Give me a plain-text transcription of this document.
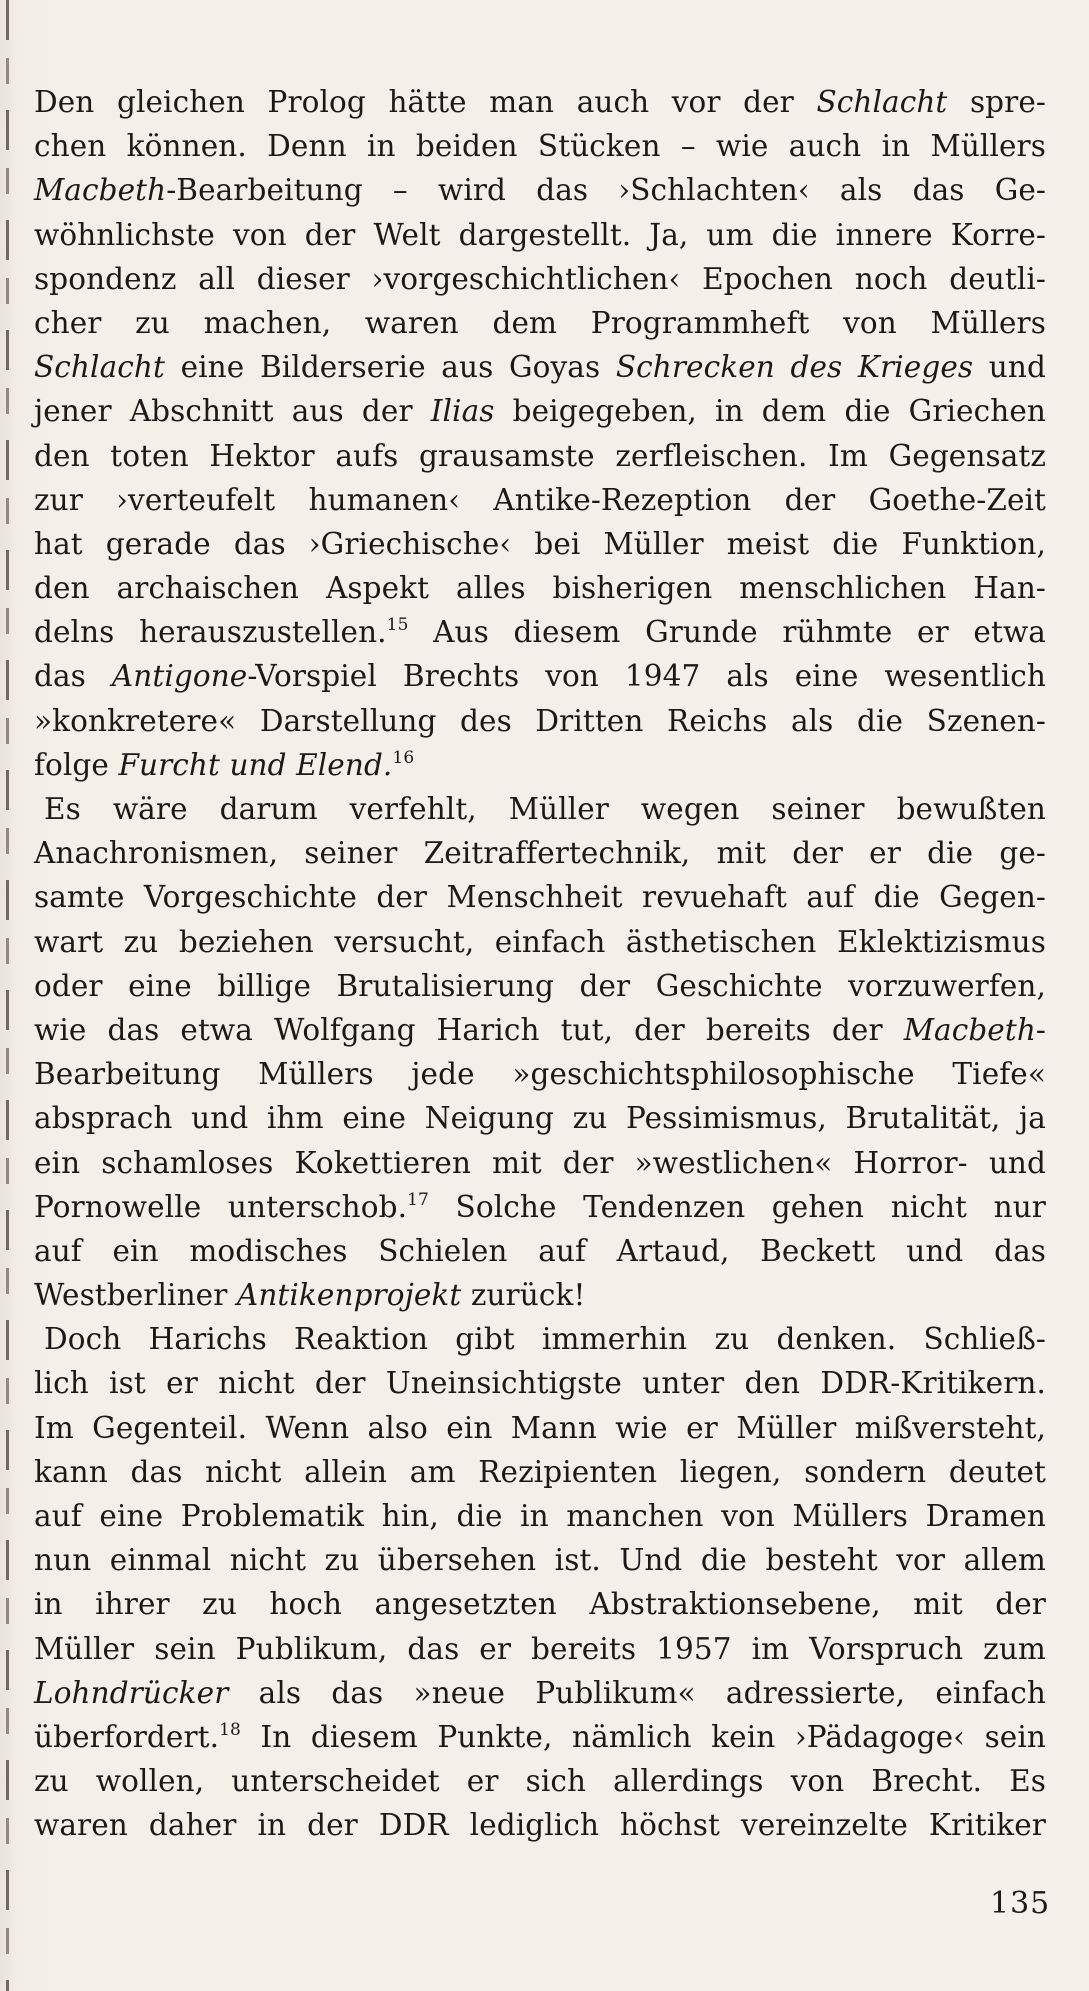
Den gleichen Prolog hätte man auch vor der Schlacht spre-
chen können. Denn in beiden Stücken – wie auch in Müllers
Macbeth-Bearbeitung – wird das ›Schlachten‹ als das Ge-
wöhnlichste von der Welt dargestellt. Ja, um die innere Korre-
spondenz all dieser ›vorgeschichtlichen‹ Epochen noch deutli-
cher zu machen, waren dem Programmheft von Müllers
Schlacht eine Bilderserie aus Goyas Schrecken des Krieges und
jener Abschnitt aus der Ilias beigegeben, in dem die Griechen
den toten Hektor aufs grausamste zerfleischen. Im Gegensatz
zur ›verteufelt humanen‹ Antike-Rezeption der Goethe-Zeit
hat gerade das ›Griechische‹ bei Müller meist die Funktion,
den archaischen Aspekt alles bisherigen menschlichen Han-
delns herauszustellen.$^{15}$ Aus diesem Grunde rühmte er etwa
das Antigone-Vorspiel Brechts von 1947 als eine wesentlich
»konkretere« Darstellung des Dritten Reichs als die Szenen-
folge Furcht und Elend.$^{16}$
Es wäre darum verfehlt, Müller wegen seiner bewußten
Anachronismen, seiner Zeitraffertechnik, mit der er die ge-
samte Vorgeschichte der Menschheit revuehaft auf die Gegen-
wart zu beziehen versucht, einfach ästhetischen Eklektizismus
oder eine billige Brutalisierung der Geschichte vorzuwerfen,
wie das etwa Wolfgang Harich tut, der bereits der Macbeth-
Bearbeitung Müllers jede »geschichtsphilosophische Tiefe«
absprach und ihm eine Neigung zu Pessimismus, Brutalität, ja
ein schamloses Kokettieren mit der »westlichen« Horror- und
Pornowelle unterschob.$^{17}$ Solche Tendenzen gehen nicht nur
auf ein modisches Schielen auf Artaud, Beckett und das
Westberliner Antikenprojekt zurück!
Doch Harichs Reaktion gibt immerhin zu denken. Schließ-
lich ist er nicht der Uneinsichtigste unter den DDR-Kritikern.
Im Gegenteil. Wenn also ein Mann wie er Müller mißversteht,
kann das nicht allein am Rezipienten liegen, sondern deutet
auf eine Problematik hin, die in manchen von Müllers Dramen
nun einmal nicht zu übersehen ist. Und die besteht vor allem
in ihrer zu hoch angesetzten Abstraktionsebene, mit der
Müller sein Publikum, das er bereits 1957 im Vorspruch zum
Lohndrücker als das »neue Publikum« adressierte, einfach
überfordert.$^{18}$ In diesem Punkte, nämlich kein ›Pädagoge‹ sein
zu wollen, unterscheidet er sich allerdings von Brecht. Es
waren daher in der DDR lediglich höchst vereinzelte Kritiker
135
